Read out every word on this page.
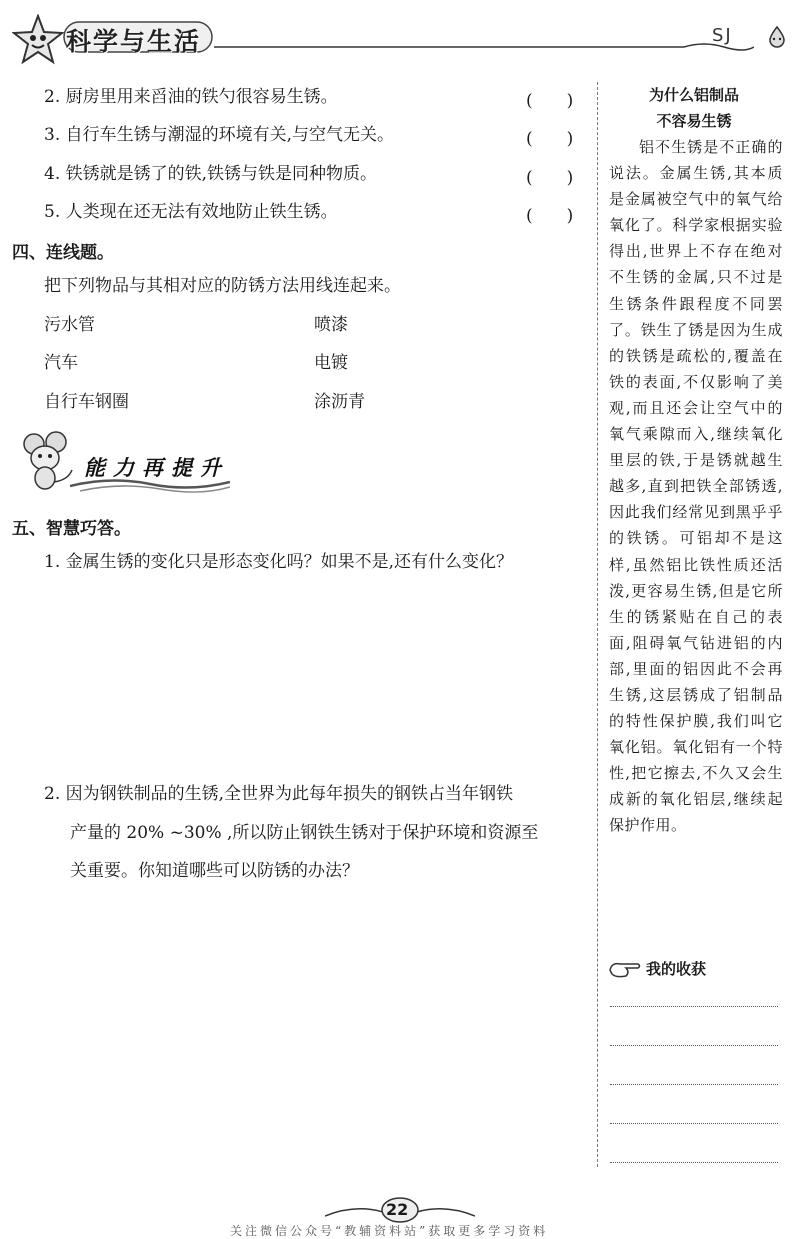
科学与生活	SJ
2. 厨房里用来舀油的铁勺很容易生锈。	(　　)
3. 自行车生锈与潮湿的环境有关,与空气无关。	(　　)
4. 铁锈就是锈了的铁,铁锈与铁是同种物质。	(　　)
5. 人类现在还无法有效地防止铁生锈。	(　　)
四、连线题。
把下列物品与其相对应的防锈方法用线连起来。
污水管
汽车
自行车钢圈
喷漆
电镀
涂沥青
能力再提升
五、智慧巧答。
1. 金属生锈的变化只是形态变化吗？如果不是,还有什么变化？
2. 因为钢铁制品的生锈,全世界为此每年损失的钢铁占当年钢铁
产量的 20% ~30% ,所以防止钢铁生锈对于保护环境和资源至
关重要。你知道哪些可以防锈的办法？
为什么铝制品
不容易生锈
铝不生锈是不正确的说法。金属生锈,其本质是金属被空气中的氧气给氧化了。科学家根据实验得出,世界上不存在绝对不生锈的金属,只不过是生锈条件跟程度不同罢了。铁生了锈是因为生成的铁锈是疏松的,覆盖在铁的表面,不仅影响了美观,而且还会让空气中的氧气乘隙而入,继续氧化里层的铁,于是锈就越生越多,直到把铁全部锈透,因此我们经常见到黑乎乎的铁锈。可铝却不是这样,虽然铝比铁性质还活泼,更容易生锈,但是它所生的锈紧贴在自己的表面,阻碍氧气钻进铝的内部,里面的铝因此不会再生锈,这层锈成了铝制品的特性保护膜,我们叫它氧化铝。氧化铝有一个特性,把它擦去,不久又会生成新的氧化铝层,继续起保护作用。
我的收获
22
关注微信公众号“教辅资料站”获取更多学习资料
